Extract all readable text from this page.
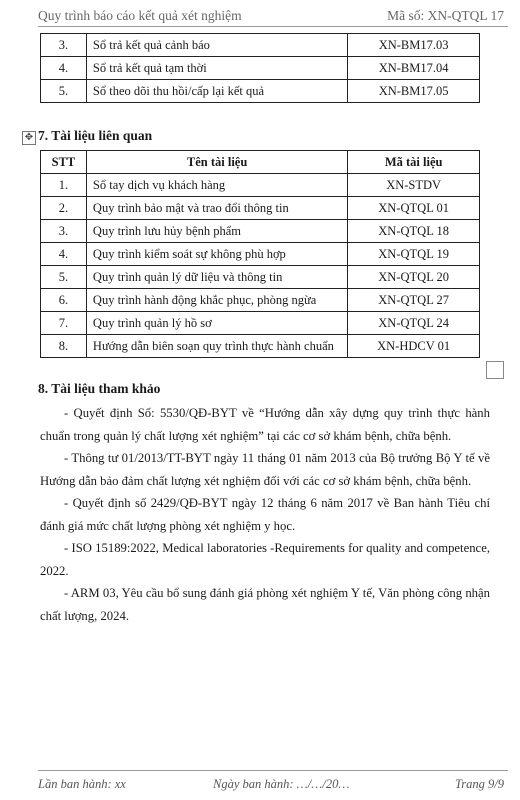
Quy trình báo cáo kết quả xét nghiệm	Mã số: XN-QTQL 17
3.	Sổ trả kết quả cảnh báo	XN-BM17.03
4.	Sổ trả kết quả tạm thời	XN-BM17.04
5.	Sổ theo dõi thu hồi/cấp lại kết quả	XN-BM17.05
✥ 7. Tài liệu liên quan
STT	Tên tài liệu	Mã tài liệu
1.	Sổ tay dịch vụ khách hàng	XN-STDV
2.	Quy trình bảo mật và trao đổi thông tin	XN-QTQL 01
3.	Quy trình lưu hủy bệnh phẩm	XN-QTQL 18
4.	Quy trình kiểm soát sự không phù hợp	XN-QTQL 19
5.	Quy trình quản lý dữ liệu và thông tin	XN-QTQL 20
6.	Quy trình hành động khắc phục, phòng ngừa	XN-QTQL 27
7.	Quy trình quản lý hồ sơ	XN-QTQL 24
8.	Hướng dẫn biên soạn quy trình thực hành chuẩn	XN-HDCV 01
8. Tài liệu tham khảo

- Quyết định Số: 5530/QĐ-BYT về “Hướng dẫn xây dựng quy trình thực hành chuẩn trong quản lý chất lượng xét nghiệm” tại các cơ sở khám bệnh, chữa bệnh.

- Thông tư 01/2013/TT-BYT ngày 11 tháng 01 năm 2013 của Bộ trưởng Bộ Y tế về Hướng dẫn bảo đảm chất lượng xét nghiệm đối với các cơ sở khám bệnh, chữa bệnh.

- Quyết định số 2429/QĐ-BYT ngày 12 tháng 6 năm 2017 về Ban hành Tiêu chí đánh giá mức chất lượng phòng xét nghiệm y học.

- ISO 15189:2022, Medical laboratories -Requirements for quality and competence, 2022.

- ARM 03, Yêu cầu bổ sung đánh giá phòng xét nghiệm Y tế, Văn phòng công nhận chất lượng, 2024.

Lần ban hành: xx	Ngày ban hành: …/…/20…	Trang 9/9
